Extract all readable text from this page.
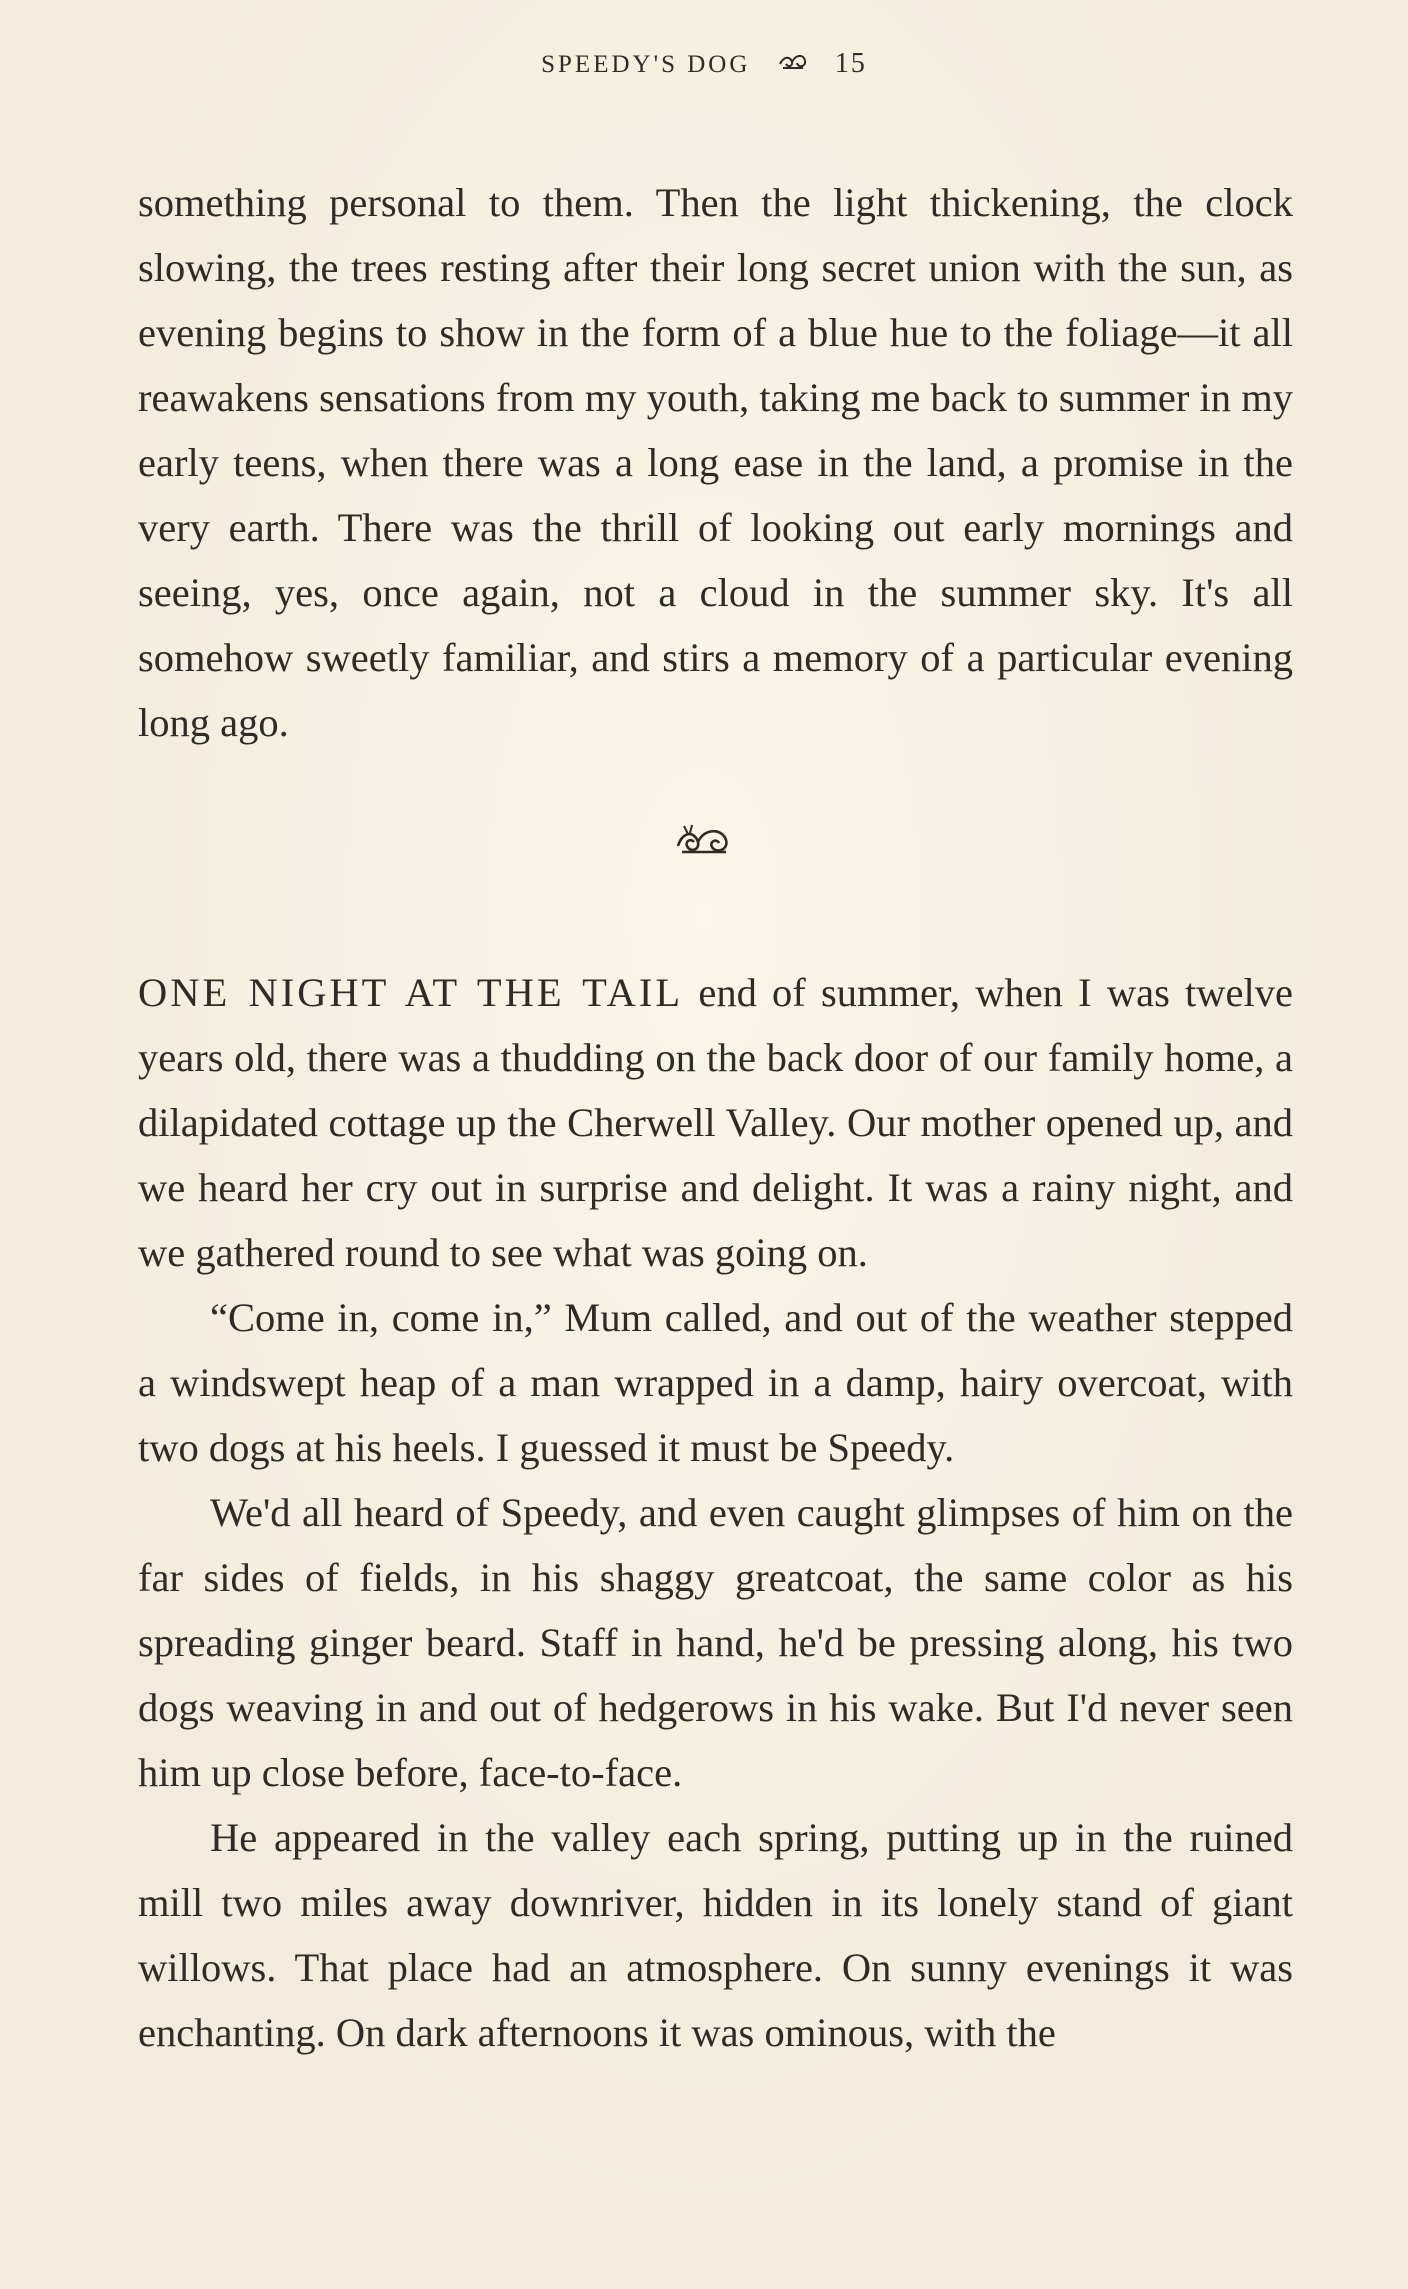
SPEEDY'S DOG	15

something personal to them. Then the light thickening, the clock slowing, the trees resting after their long secret union with the sun, as evening begins to show in the form of a blue hue to the foliage—it all reawakens sensations from my youth, taking me back to summer in my early teens, when there was a long ease in the land, a promise in the very earth. There was the thrill of looking out early mornings and seeing, yes, once again, not a cloud in the summer sky. It's all somehow sweetly familiar, and stirs a memory of a particular evening long ago.

ONE NIGHT AT THE TAIL end of summer, when I was twelve years old, there was a thudding on the back door of our family home, a dilapidated cottage up the Cherwell Valley. Our mother opened up, and we heard her cry out in surprise and delight. It was a rainy night, and we gathered round to see what was going on.

“Come in, come in,” Mum called, and out of the weather stepped a windswept heap of a man wrapped in a damp, hairy overcoat, with two dogs at his heels. I guessed it must be Speedy.

We'd all heard of Speedy, and even caught glimpses of him on the far sides of fields, in his shaggy greatcoat, the same color as his spreading ginger beard. Staff in hand, he'd be pressing along, his two dogs weaving in and out of hedgerows in his wake. But I'd never seen him up close before, face-to-face.

He appeared in the valley each spring, putting up in the ruined mill two miles away downriver, hidden in its lonely stand of giant willows. That place had an atmosphere. On sunny evenings it was enchanting. On dark afternoons it was ominous, with the
